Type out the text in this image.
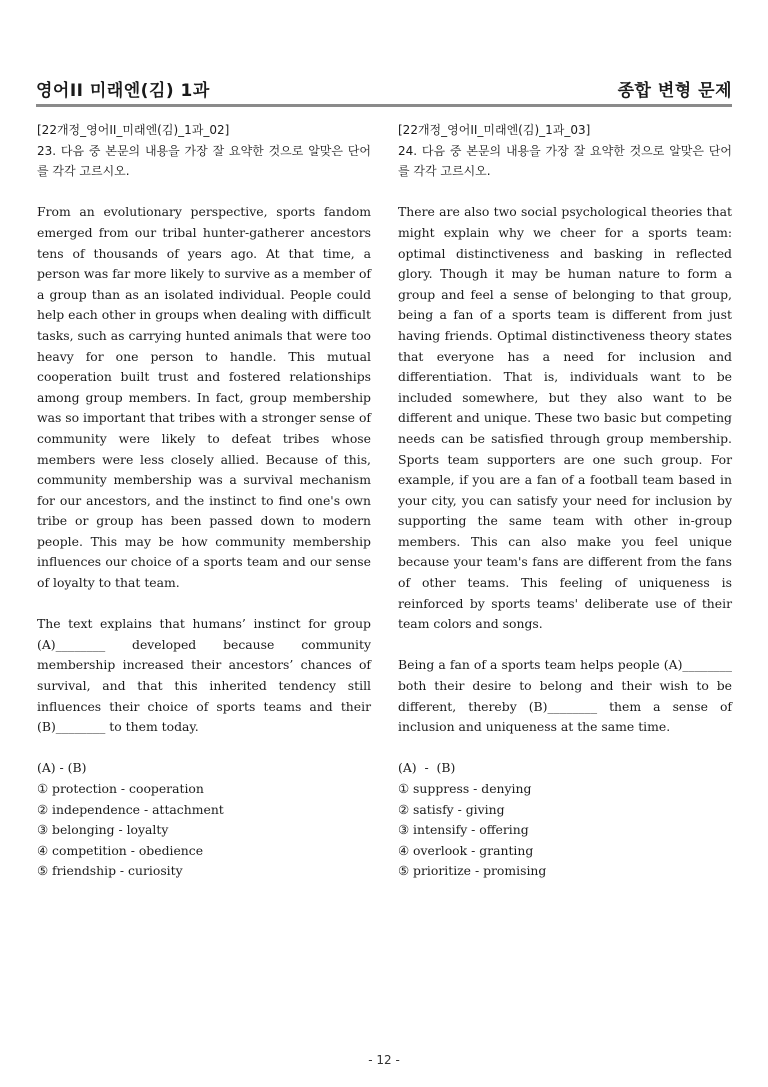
영어II 미래엔(김) 1과	종합 변형 문제
[22개정_영어II_미래엔(김)_1과_02]
23. 다음 중 본문의 내용을 가장 잘 요약한 것으로 알맞은 단어를 각각 고르시오.

From an evolutionary perspective, sports fandom emerged from our tribal hunter-gatherer ancestors tens of thousands of years ago. At that time, a person was far more likely to survive as a member of a group than as an isolated individual. People could help each other in groups when dealing with difficult tasks, such as carrying hunted animals that were too heavy for one person to handle. This mutual cooperation built trust and fostered relationships among group members. In fact, group membership was so important that tribes with a stronger sense of community were likely to defeat tribes whose members were less closely allied. Because of this, community membership was a survival mechanism for our ancestors, and the instinct to find one's own tribe or group has been passed down to modern people. This may be how community membership influences our choice of a sports team and our sense of loyalty to that team.

The text explains that humans’ instinct for group (A)________ developed because community membership increased their ancestors’ chances of survival, and that this inherited tendency still influences their choice of sports teams and their (B)________ to them today.

(A) - (B)
① protection - cooperation
② independence - attachment
③ belonging - loyalty
④ competition - obedience
⑤ friendship - curiosity
[22개정_영어II_미래엔(김)_1과_03]
24. 다음 중 본문의 내용을 가장 잘 요약한 것으로 알맞은 단어를 각각 고르시오.

There are also two social psychological theories that might explain why we cheer for a sports team: optimal distinctiveness and basking in reflected glory. Though it may be human nature to form a group and feel a sense of belonging to that group, being a fan of a sports team is different from just having friends. Optimal distinctiveness theory states that everyone has a need for inclusion and differentiation. That is, individuals want to be included somewhere, but they also want to be different and unique. These two basic but competing needs can be satisfied through group membership. Sports team supporters are one such group. For example, if you are a fan of a football team based in your city, you can satisfy your need for inclusion by supporting the same team with other in-group members. This can also make you feel unique because your team's fans are different from the fans of other teams. This feeling of uniqueness is reinforced by sports teams' deliberate use of their team colors and songs.

Being a fan of a sports team helps people (A)________ both their desire to belong and their wish to be different, thereby (B)________ them a sense of inclusion and uniqueness at the same time.

(A)  -  (B)
① suppress - denying
② satisfy - giving
③ intensify - offering
④ overlook - granting
⑤ prioritize - promising
- 12 -
